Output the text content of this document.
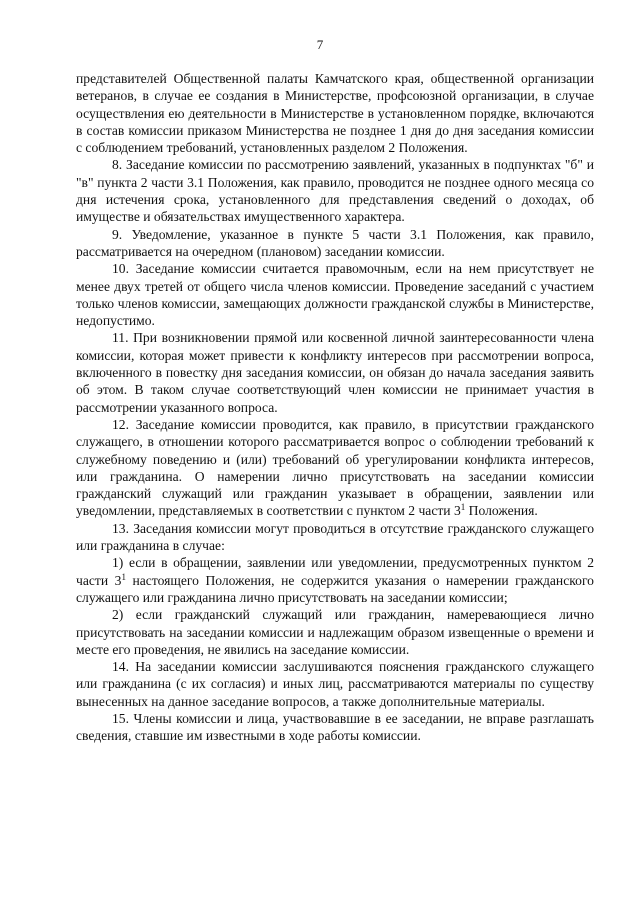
7

представителей Общественной палаты Камчатского края, общественной организации ветеранов, в случае ее создания в Министерстве, профсоюзной организации, в случае осуществления ею деятельности в Министерстве в установленном порядке, включаются в состав комиссии приказом Министерства не позднее 1 дня до дня заседания комиссии с соблюдением требований, установленных разделом 2 Положения.

8. Заседание комиссии по рассмотрению заявлений, указанных в подпунктах "б" и "в" пункта 2 части 3.1 Положения, как правило, проводится не позднее одного месяца со дня истечения срока, установленного для представления сведений о доходах, об имуществе и обязательствах имущественного характера.

9. Уведомление, указанное в пункте 5 части 3.1 Положения, как правило, рассматривается на очередном (плановом) заседании комиссии.

10. Заседание комиссии считается правомочным, если на нем присутствует не менее двух третей от общего числа членов комиссии. Проведение заседаний с участием только членов комиссии, замещающих должности гражданской службы в Министерстве, недопустимо.

11. При возникновении прямой или косвенной личной заинтересованности члена комиссии, которая может привести к конфликту интересов при рассмотрении вопроса, включенного в повестку дня заседания комиссии, он обязан до начала заседания заявить об этом. В таком случае соответствующий член комиссии не принимает участия в рассмотрении указанного вопроса.

12. Заседание комиссии проводится, как правило, в присутствии гражданского служащего, в отношении которого рассматривается вопрос о соблюдении требований к служебному поведению и (или) требований об урегулировании конфликта интересов, или гражданина. О намерении лично присутствовать на заседании комиссии гражданский служащий или гражданин указывает в обращении, заявлении или уведомлении, представляемых в соответствии с пунктом 2 части $3^1$ Положения.

13. Заседания комиссии могут проводиться в отсутствие гражданского служащего или гражданина в случае:

1) если в обращении, заявлении или уведомлении, предусмотренных пунктом 2 части $3^1$ настоящего Положения, не содержится указания о намерении гражданского служащего или гражданина лично присутствовать на заседании комиссии;

2) если гражданский служащий или гражданин, намеревающиеся лично присутствовать на заседании комиссии и надлежащим образом извещенные о времени и месте его проведения, не явились на заседание комиссии.

14. На заседании комиссии заслушиваются пояснения гражданского служащего или гражданина (с их согласия) и иных лиц, рассматриваются материалы по существу вынесенных на данное заседание вопросов, а также дополнительные материалы.

15. Члены комиссии и лица, участвовавшие в ее заседании, не вправе разглашать сведения, ставшие им известными в ходе работы комиссии.
